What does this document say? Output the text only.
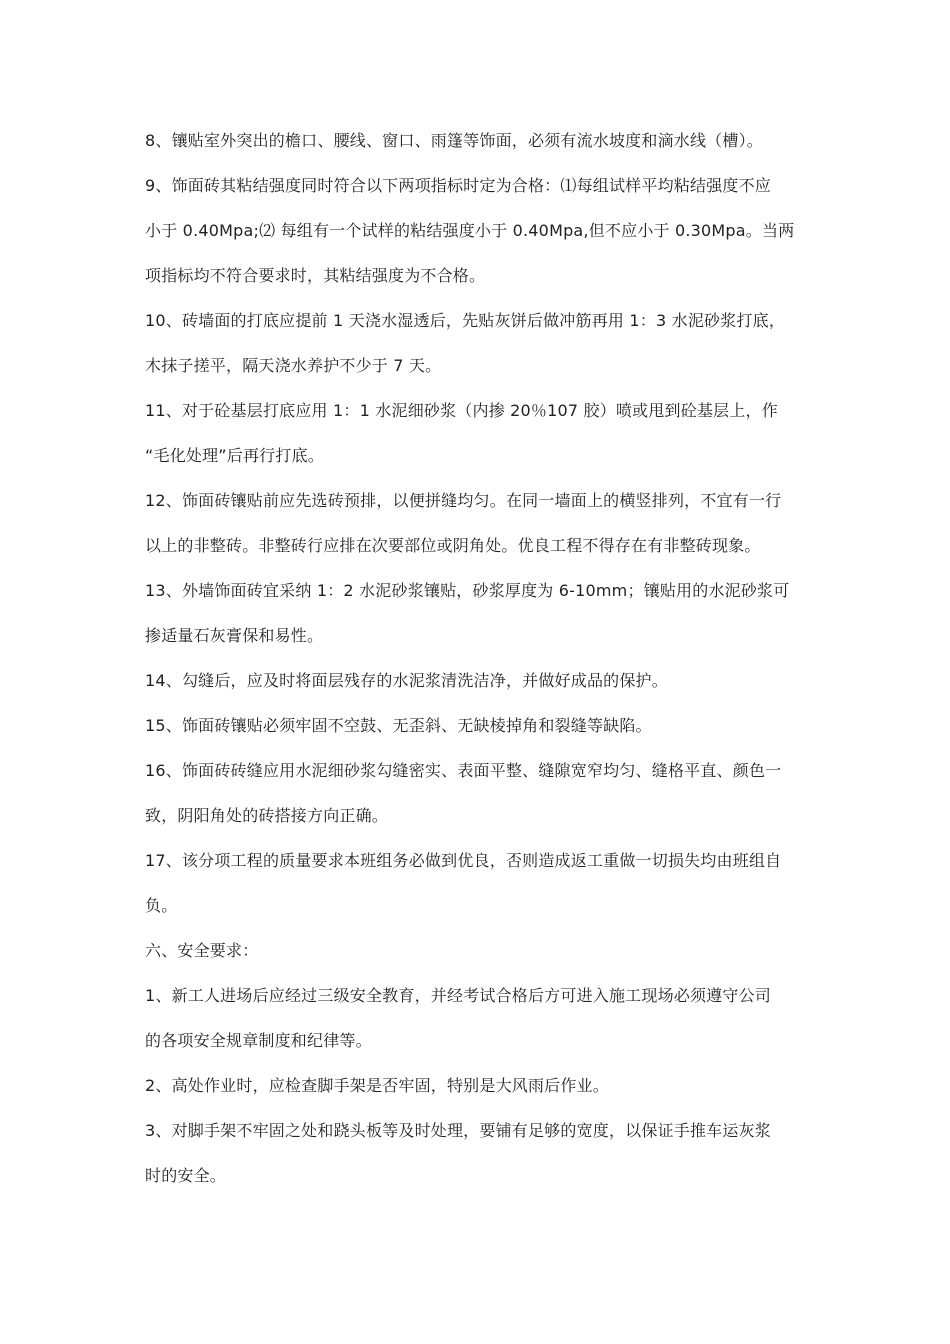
8、镶贴室外突出的檐口、腰线、窗口、雨篷等饰面，必须有流水坡度和滴水线（槽）。
9、饰面砖其粘结强度同时符合以下两项指标时定为合格：⑴每组试样平均粘结强度不应
小于 0.40Mpa;⑵ 每组有一个试样的粘结强度小于 0.40Mpa,但不应小于 0.30Mpa。当两
项指标均不符合要求时，其粘结强度为不合格。
10、砖墙面的打底应提前 1 天浇水湿透后，先贴灰饼后做冲筋再用 1：3 水泥砂浆打底，
木抹子搓平，隔天浇水养护不少于 7 天。
11、对于砼基层打底应用 1：1 水泥细砂浆（内掺 20％107 胶）喷或甩到砼基层上，作
“毛化处理”后再行打底。
12、饰面砖镶贴前应先选砖预排，以便拼缝均匀。在同一墙面上的横竖排列，不宜有一行
以上的非整砖。非整砖行应排在次要部位或阴角处。优良工程不得存在有非整砖现象。
13、外墙饰面砖宜采纳 1：2 水泥砂浆镶贴，砂浆厚度为 6-10mm；镶贴用的水泥砂浆可
掺适量石灰膏保和易性。
14、勾缝后，应及时将面层残存的水泥浆清洗洁净，并做好成品的保护。
15、饰面砖镶贴必须牢固不空鼓、无歪斜、无缺棱掉角和裂缝等缺陷。
16、饰面砖砖缝应用水泥细砂浆勾缝密实、表面平整、缝隙宽窄均匀、缝格平直、颜色一
致，阴阳角处的砖搭接方向正确。
17、该分项工程的质量要求本班组务必做到优良，否则造成返工重做一切损失均由班组自
负。
六、安全要求：
1、新工人进场后应经过三级安全教育，并经考试合格后方可进入施工现场必须遵守公司
的各项安全规章制度和纪律等。
2、高处作业时，应检查脚手架是否牢固，特别是大风雨后作业。
3、对脚手架不牢固之处和跷头板等及时处理，要铺有足够的宽度，以保证手推车运灰浆
时的安全。
